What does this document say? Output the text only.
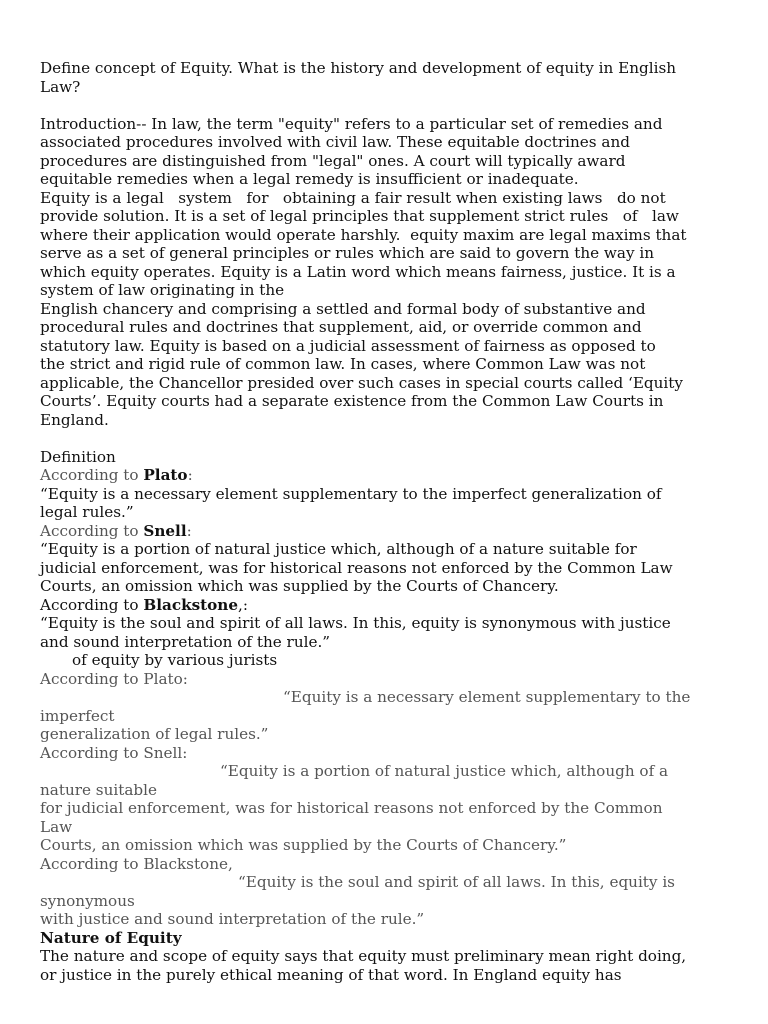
Define concept of Equity. What is the history and development of equity in English
Law?
Introduction-- In law, the term "equity" refers to a particular set of remedies and
associated procedures involved with civil law. These equitable doctrines and
procedures are distinguished from "legal" ones. A court will typically award
equitable remedies when a legal remedy is insufficient or inadequate.
Equity is a legal   system   for   obtaining a fair result when existing laws   do not
provide solution. It is a set of legal principles that supplement strict rules   of   law
where their application would operate harshly.  equity maxim are legal maxims that
serve as a set of general principles or rules which are said to govern the way in
which equity operates. Equity is a Latin word which means fairness, justice. It is a
system of law originating in the
English chancery and comprising a settled and formal body of substantive and
procedural rules and doctrines that supplement, aid, or override common and
statutory law. Equity is based on a judicial assessment of fairness as opposed to
the strict and rigid rule of common law. In cases, where Common Law was not
applicable, the Chancellor presided over such cases in special courts called ‘Equity
Courts’. Equity courts had a separate existence from the Common Law Courts in
England.
Definition
According to Plato:
“Equity is a necessary element supplementary to the imperfect generalization of
legal rules.”
According to Snell:
“Equity is a portion of natural justice which, although of a nature suitable for
judicial enforcement, was for historical reasons not enforced by the Common Law
Courts, an omission which was supplied by the Courts of Chancery.
According to Blackstone,:
“Equity is the soul and spirit of all laws. In this, equity is synonymous with justice
and sound interpretation of the rule.”
of equity by various jurists
According to Plato:
“Equity is a necessary element supplementary to the
imperfect
generalization of legal rules.”
According to Snell:
“Equity is a portion of natural justice which, although of a
nature suitable
for judicial enforcement, was for historical reasons not enforced by the Common
Law
Courts, an omission which was supplied by the Courts of Chancery.”
According to Blackstone,
“Equity is the soul and spirit of all laws. In this, equity is
synonymous
with justice and sound interpretation of the rule.”
Nature of Equity
The nature and scope of equity says that equity must preliminary mean right doing,
or justice in the purely ethical meaning of that word. In England equity has
